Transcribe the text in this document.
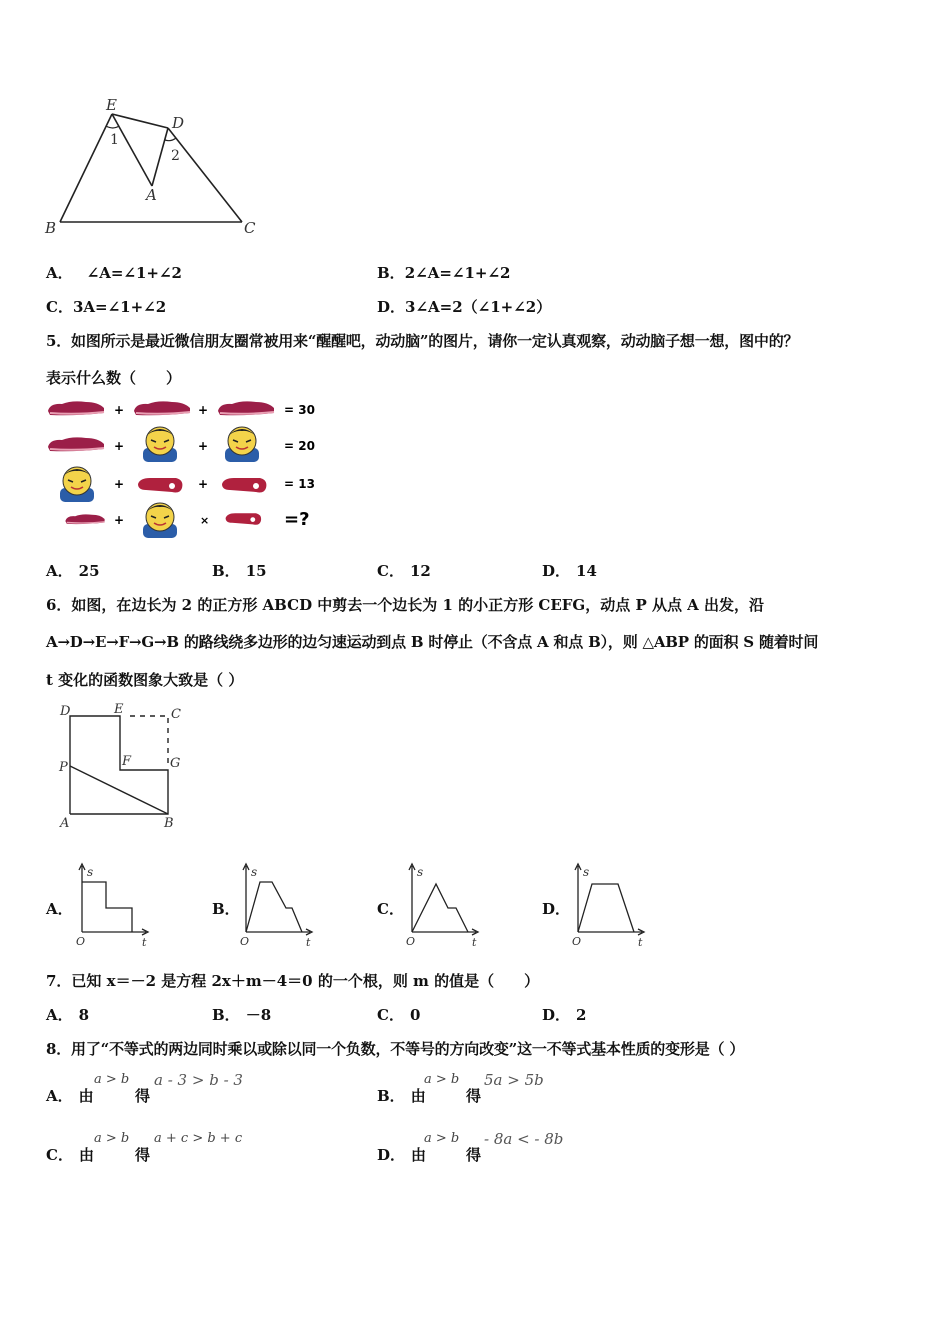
E
D
A
B	C
1
2
A． ∠A=∠1+∠2	B．2∠A=∠1+∠2
C．3A=∠1+∠2	D．3∠A=2（∠1+∠2）
5．如图所示是最近微信朋友圈常被用来“醒醒吧，动动脑”的图片，请你一定认真观察，动动脑子想一想，图中的？
表示什么数（　　）
+	+	= 30
+	+	= 20
+	+	= 13
+	×	=?
A． 25	B． 15	C． 12	D． 14
6．如图，在边长为 2 的正方形 ABCD 中剪去一个边长为 1 的小正方形 CEFG，动点 P 从点 A 出发，沿
A→D→E→F→G→B 的路线绕多边形的边匀速运动到点 B 时停止（不含点 A 和点 B），则 △ABP 的面积 S 随着时间
t 变化的函数图象大致是（ ）
D	E	C
P	F	G
A	B
A．
s
O	t
B．
s
O	t
C．
s
O	t
D．
s
O	t
7．已知 x＝－2 是方程 2x＋m－4＝0 的一个根，则 m 的值是（　　）
A． 8	B． －8	C． 0	D． 2
8．用了“不等式的两边同时乘以或除以同一个负数，不等号的方向改变”这一不等式基本性质的变形是（ ）
A． 由
a > b
得
a - 3 > b - 3
B． 由
a > b
得
5a > 5b
C． 由
a > b
得
a + c > b + c
D． 由
a > b
得
- 8a < - 8b
